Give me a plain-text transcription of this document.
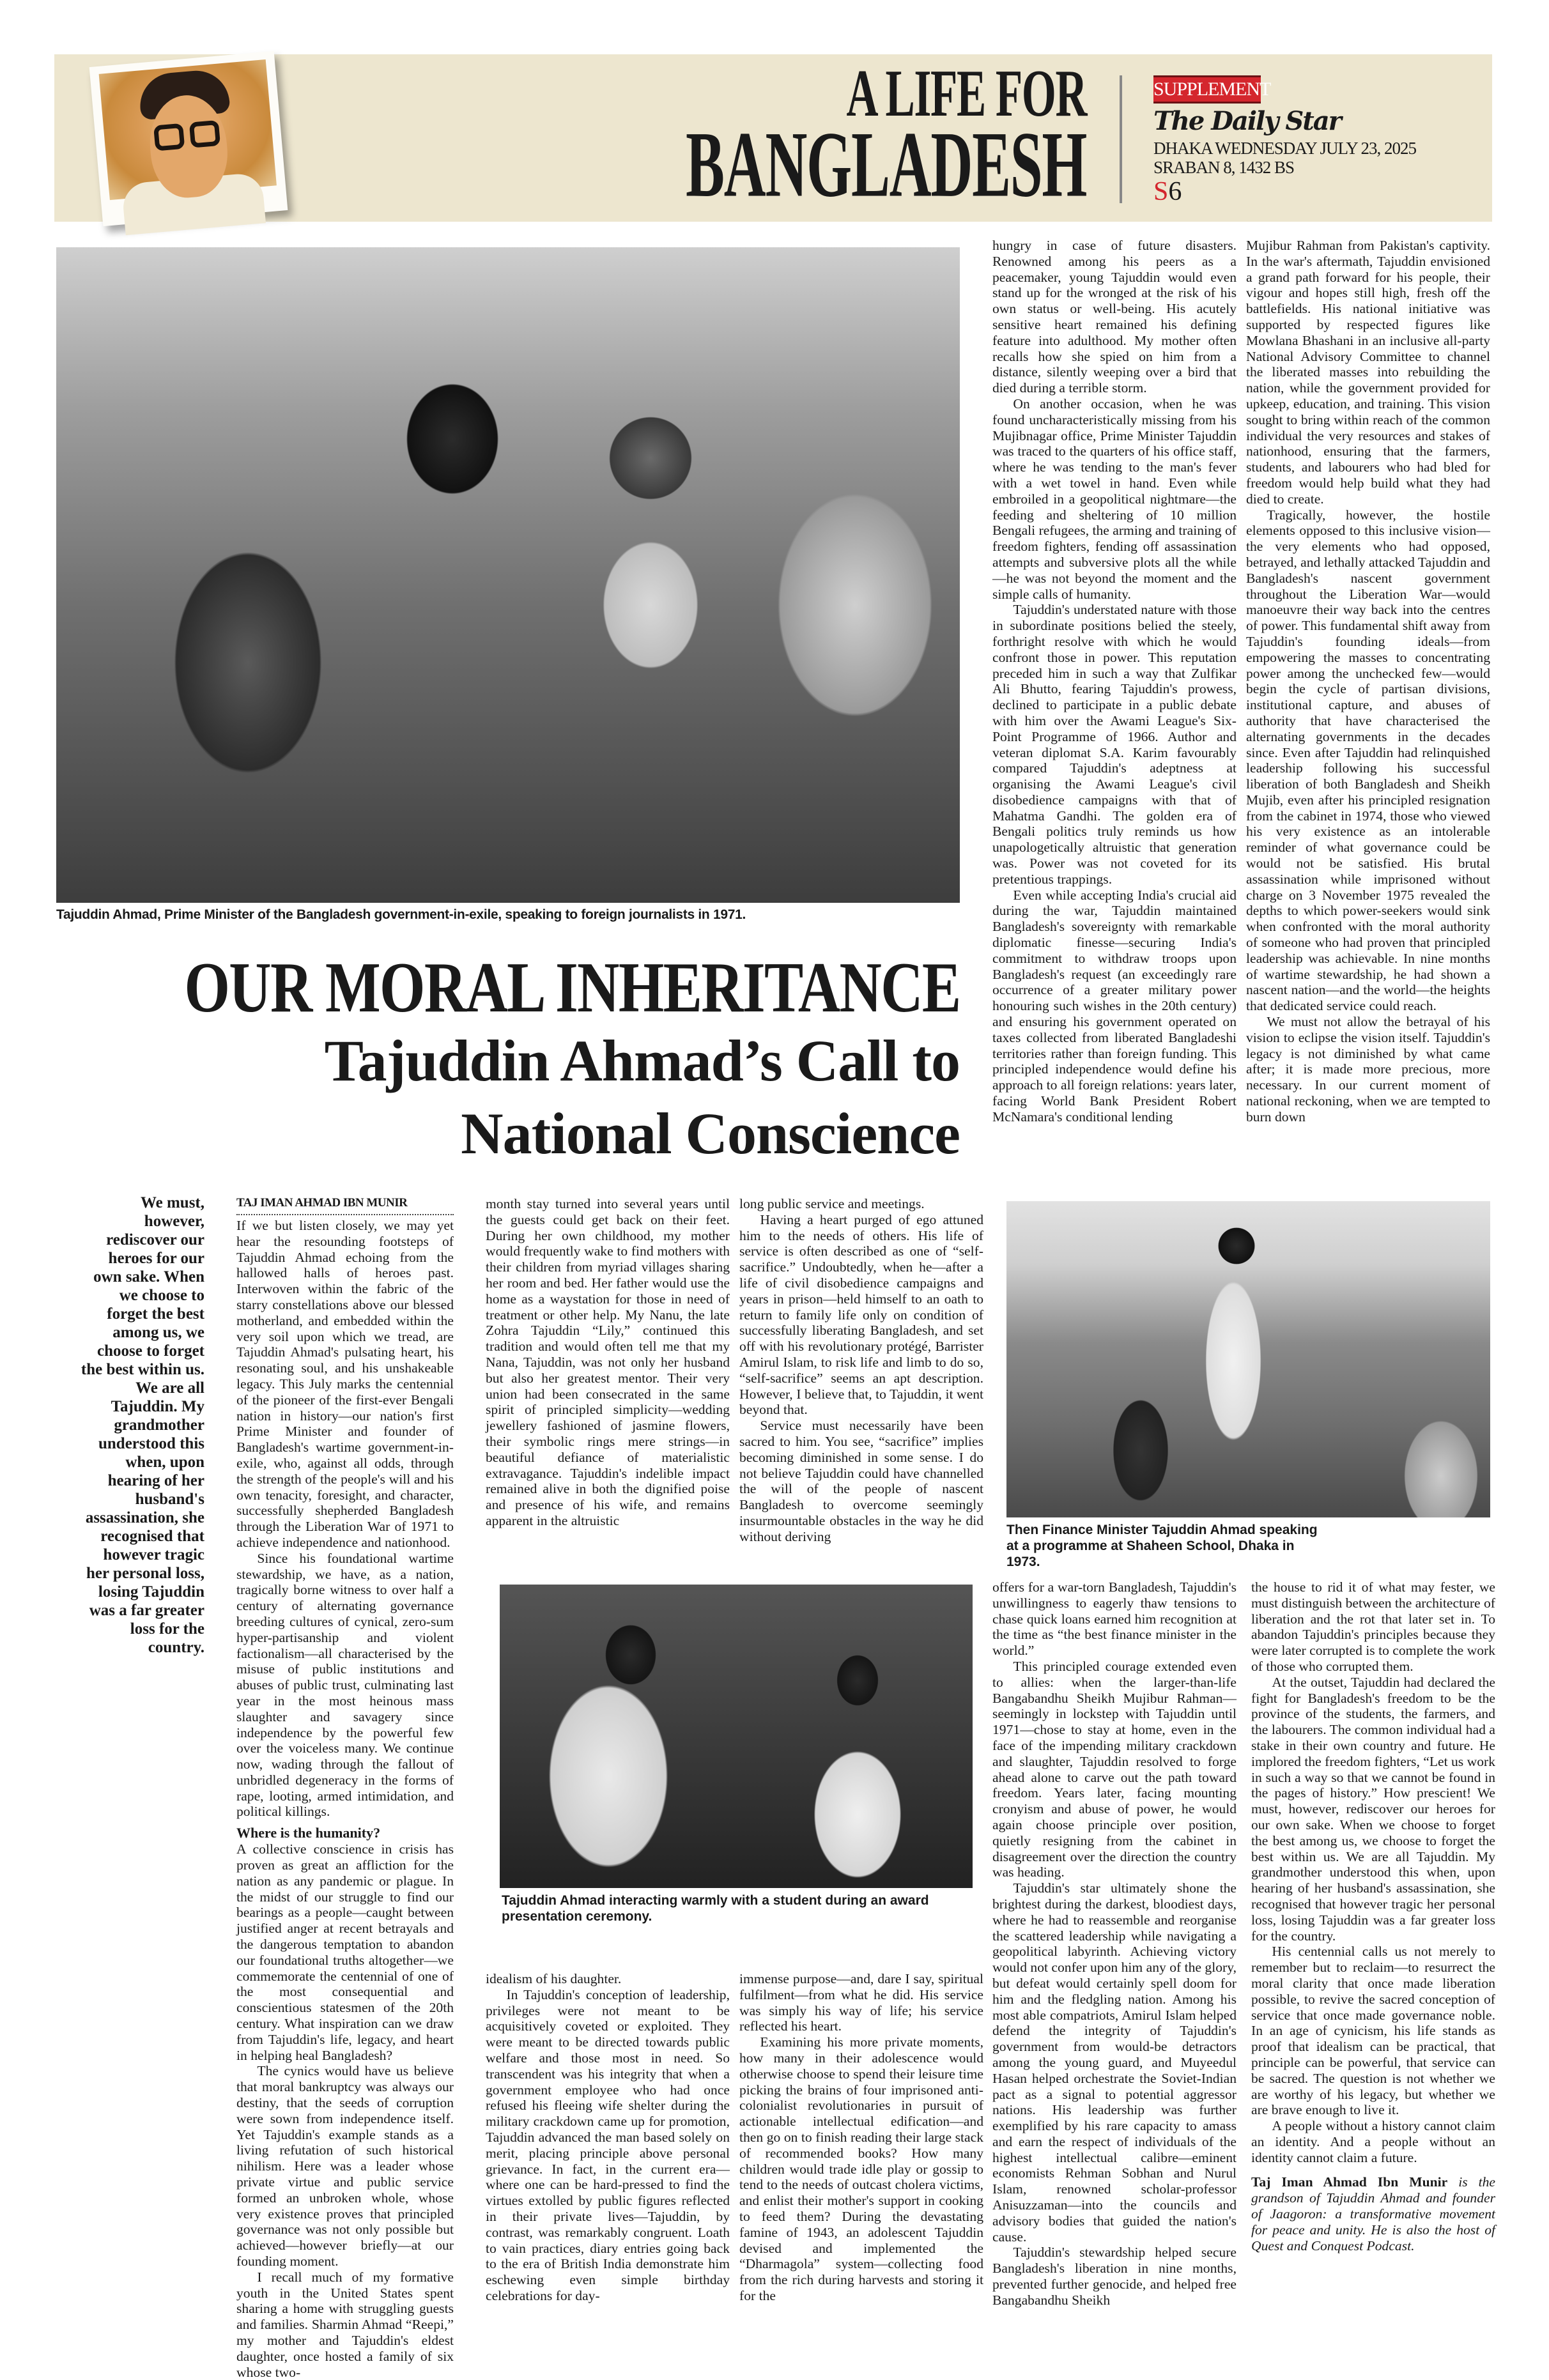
A LIFE FOR
BANGLADESH
SUPPLEMENT
The Daily Star
DHAKA WEDNESDAY JULY 23, 2025
SRABAN 8, 1432 BS
S6
Tajuddin Ahmad, Prime Minister of the Bangladesh government-in-exile, speaking to foreign journalists in 1971.
OUR MORAL INHERITANCE
Tajuddin Ahmad’s Call to
National Conscience
We must, however, rediscover our heroes for our own sake. When we choose to forget the best among us, we choose to forget the best within us. We are all Tajuddin. My grandmother understood this when, upon hearing of her husband's assassination, she recognised that however tragic her personal loss, losing Tajuddin was a far greater loss for the country.
TAJ IMAN AHMAD IBN MUNIR

If we but listen closely, we may yet hear the resounding footsteps of Tajuddin Ahmad echoing from the hallowed halls of heroes past. Interwoven within the fabric of the starry constellations above our blessed motherland, and embedded within the very soil upon which we tread, are Tajuddin Ahmad's pulsating heart, his resonating soul, and his unshakeable legacy. This July marks the centennial of the pioneer of the first-ever Bengali nation in history—our nation's first Prime Minister and founder of Bangladesh's wartime government-in-exile, who, against all odds, through the strength of the people's will and his own tenacity, foresight, and character, successfully shepherded Bangladesh through the Liberation War of 1971 to achieve independence and nationhood.

Since his foundational wartime stewardship, we have, as a nation, tragically borne witness to over half a century of alternating governance breeding cultures of cynical, zero-sum hyper-partisanship and violent factionalism—all characterised by the misuse of public institutions and abuses of public trust, culminating last year in the most heinous mass slaughter and savagery since independence by the powerful few over the voiceless many. We continue now, wading through the fallout of unbridled degeneracy in the forms of rape, looting, armed intimidation, and political killings.

Where is the humanity?

A collective conscience in crisis has proven as great an affliction for the nation as any pandemic or plague. In the midst of our struggle to find our bearings as a people—caught between justified anger at recent betrayals and the dangerous temptation to abandon our foundational truths altogether—we commemorate the centennial of one of the most consequential and conscientious statesmen of the 20th century. What inspiration can we draw from Tajuddin's life, legacy, and heart in helping heal Bangladesh?

The cynics would have us believe that moral bankruptcy was always our destiny, that the seeds of corruption were sown from independence itself. Yet Tajuddin's example stands as a living refutation of such historical nihilism. Here was a leader whose private virtue and public service formed an unbroken whole, whose very existence proves that principled governance was not only possible but achieved—however briefly—at our founding moment.

I recall much of my formative youth in the United States spent sharing a home with struggling guests and families. Sharmin Ahmad “Reepi,” my mother and Tajuddin's eldest daughter, once hosted a family of six whose two-

month stay turned into several years until the guests could get back on their feet. During her own childhood, my mother would frequently wake to find mothers with their children from myriad villages sharing her room and bed. Her father would use the home as a waystation for those in need of treatment or other help. My Nanu, the late Zohra Tajuddin “Lily,” continued this tradition and would often tell me that my Nana, Tajuddin, was not only her husband but also her greatest mentor. Their very union had been consecrated in the same spirit of principled simplicity—wedding jewellery fashioned of jasmine flowers, their symbolic rings mere strings—in beautiful defiance of materialistic extravagance. Tajuddin's indelible impact remained alive in both the dignified poise and presence of his wife, and remains apparent in the altruistic

long public service and meetings.

Having a heart purged of ego attuned him to the needs of others. His life of service is often described as one of “self-sacrifice.” Undoubtedly, when he—after a life of civil disobedience campaigns and years in prison—held himself to an oath to return to family life only on condition of successfully liberating Bangladesh, and set off with his revolutionary protégé, Barrister Amirul Islam, to risk life and limb to do so, “self-sacrifice” seems an apt description. However, I believe that, to Tajuddin, it went beyond that.

Service must necessarily have been sacred to him. You see, “sacrifice” implies becoming diminished in some sense. I do not believe Tajuddin could have channelled the will of the people of nascent Bangladesh to overcome seemingly insurmountable obstacles in the way he did without deriving

Tajuddin Ahmad interacting warmly with a student during an award presentation ceremony.

idealism of his daughter.

In Tajuddin's conception of leadership, privileges were not meant to be acquisitively coveted or exploited. They were meant to be directed towards public welfare and those most in need. So transcendent was his integrity that when a government employee who had once refused his fleeing wife shelter during the military crackdown came up for promotion, Tajuddin advanced the man based solely on merit, placing principle above personal grievance. In fact, in the current era—where one can be hard-pressed to find the virtues extolled by public figures reflected in their private lives—Tajuddin, by contrast, was remarkably congruent. Loath to vain practices, diary entries going back to the era of British India demonstrate him eschewing even simple birthday celebrations for day-

immense purpose—and, dare I say, spiritual fulfilment—from what he did. His service was simply his way of life; his service reflected his heart.

Examining his more private moments, how many in their adolescence would otherwise choose to spend their leisure time picking the brains of four imprisoned anti-colonialist revolutionaries in pursuit of actionable intellectual edification—and then go on to finish reading their large stack of recommended books? How many children would trade idle play or gossip to tend to the needs of outcast cholera victims, and enlist their mother's support in cooking to feed them? During the devastating famine of 1943, an adolescent Tajuddin devised and implemented the “Dharmagola” system—collecting food from the rich during harvests and storing it for the

hungry in case of future disasters. Renowned among his peers as a peacemaker, young Tajuddin would even stand up for the wronged at the risk of his own status or well-being. His acutely sensitive heart remained his defining feature into adulthood. My mother often recalls how she spied on him from a distance, silently weeping over a bird that died during a terrible storm.

On another occasion, when he was found uncharacteristically missing from his Mujibnagar office, Prime Minister Tajuddin was traced to the quarters of his office staff, where he was tending to the man's fever with a wet towel in hand. Even while embroiled in a geopolitical nightmare—the feeding and sheltering of 10 million Bengali refugees, the arming and training of freedom fighters, fending off assassination attempts and subversive plots all the while—he was not beyond the moment and the simple calls of humanity.

Tajuddin's understated nature with those in subordinate positions belied the steely, forthright resolve with which he would confront those in power. This reputation preceded him in such a way that Zulfikar Ali Bhutto, fearing Tajuddin's prowess, declined to participate in a public debate with him over the Awami League's Six-Point Programme of 1966. Author and veteran diplomat S.A. Karim favourably compared Tajuddin's adeptness at organising the Awami League's civil disobedience campaigns with that of Mahatma Gandhi. The golden era of Bengali politics truly reminds us how unapologetically altruistic that generation was. Power was not coveted for its pretentious trappings.

Even while accepting India's crucial aid during the war, Tajuddin maintained Bangladesh's sovereignty with remarkable diplomatic finesse—securing India's commitment to withdraw troops upon Bangladesh's request (an exceedingly rare occurrence of a greater military power honouring such wishes in the 20th century) and ensuring his government operated on taxes collected from liberated Bangladeshi territories rather than foreign funding. This principled independence would define his approach to all foreign relations: years later, facing World Bank President Robert McNamara's conditional lending

Mujibur Rahman from Pakistan's captivity. In the war's aftermath, Tajuddin envisioned a grand path forward for his people, their vigour and hopes still high, fresh off the battlefields. His national initiative was supported by respected figures like Mowlana Bhashani in an inclusive all-party National Advisory Committee to channel the liberated masses into rebuilding the nation, while the government provided for upkeep, education, and training. This vision sought to bring within reach of the common individual the very resources and stakes of nationhood, ensuring that the farmers, students, and labourers who had bled for freedom would help build what they had died to create.

Tragically, however, the hostile elements opposed to this inclusive vision—the very elements who had opposed, betrayed, and lethally attacked Tajuddin and Bangladesh's nascent government throughout the Liberation War—would manoeuvre their way back into the centres of power. This fundamental shift away from Tajuddin's founding ideals—from empowering the masses to concentrating power among the unchecked few—would begin the cycle of partisan divisions, institutional capture, and abuses of authority that have characterised the alternating governments in the decades since. Even after Tajuddin had relinquished leadership following his successful liberation of both Bangladesh and Sheikh Mujib, even after his principled resignation from the cabinet in 1974, those who viewed his very existence as an intolerable reminder of what governance could be would not be satisfied. His brutal assassination while imprisoned without charge on 3 November 1975 revealed the depths to which power-seekers would sink when confronted with the moral authority of someone who had proven that principled leadership was achievable. In nine months of wartime stewardship, he had shown a nascent nation—and the world—the heights that dedicated service could reach.

We must not allow the betrayal of his vision to eclipse the vision itself. Tajuddin's legacy is not diminished by what came after; it is made more precious, more necessary. In our current moment of national reckoning, when we are tempted to burn down

Then Finance Minister Tajuddin Ahmad speaking at a programme at Shaheen School, Dhaka in 1973.

offers for a war-torn Bangladesh, Tajuddin's unwillingness to eagerly thaw tensions to chase quick loans earned him recognition at the time as “the best finance minister in the world.”

This principled courage extended even to allies: when the larger-than-life Bangabandhu Sheikh Mujibur Rahman—seemingly in lockstep with Tajuddin until 1971—chose to stay at home, even in the face of the impending military crackdown and slaughter, Tajuddin resolved to forge ahead alone to carve out the path toward freedom. Years later, facing mounting cronyism and abuse of power, he would again choose principle over position, quietly resigning from the cabinet in disagreement over the direction the country was heading.

Tajuddin's star ultimately shone the brightest during the darkest, bloodiest days, where he had to reassemble and reorganise the scattered leadership while navigating a geopolitical labyrinth. Achieving victory would not confer upon him any of the glory, but defeat would certainly spell doom for him and the fledgling nation. Among his most able compatriots, Amirul Islam helped defend the integrity of Tajuddin's government from would-be detractors among the young guard, and Muyeedul Hasan helped orchestrate the Soviet-Indian pact as a signal to potential aggressor nations. His leadership was further exemplified by his rare capacity to amass and earn the respect of individuals of the highest intellectual calibre—eminent economists Rehman Sobhan and Nurul Islam, renowned scholar-professor Anisuzzaman—into the councils and advisory bodies that guided the nation's cause.

Tajuddin's stewardship helped secure Bangladesh's liberation in nine months, prevented further genocide, and helped free Bangabandhu Sheikh

the house to rid it of what may fester, we must distinguish between the architecture of liberation and the rot that later set in. To abandon Tajuddin's principles because they were later corrupted is to complete the work of those who corrupted them.

At the outset, Tajuddin had declared the fight for Bangladesh's freedom to be the province of the students, the farmers, and the labourers. The common individual had a stake in their own country and future. He implored the freedom fighters, “Let us work in such a way so that we cannot be found in the pages of history.” How prescient! We must, however, rediscover our heroes for our own sake. When we choose to forget the best among us, we choose to forget the best within us. We are all Tajuddin. My grandmother understood this when, upon hearing of her husband's assassination, she recognised that however tragic her personal loss, losing Tajuddin was a far greater loss for the country.

His centennial calls us not merely to remember but to reclaim—to resurrect the moral clarity that once made liberation possible, to revive the sacred conception of service that once made governance noble. In an age of cynicism, his life stands as proof that idealism can be practical, that principle can be powerful, that service can be sacred. The question is not whether we are worthy of his legacy, but whether we are brave enough to live it.

A people without a history cannot claim an identity. And a people without an identity cannot claim a future.

Taj Iman Ahmad Ibn Munir is the grandson of Tajuddin Ahmad and founder of Jaagoron: a transformative movement for peace and unity. He is also the host of Quest and Conquest Podcast.
